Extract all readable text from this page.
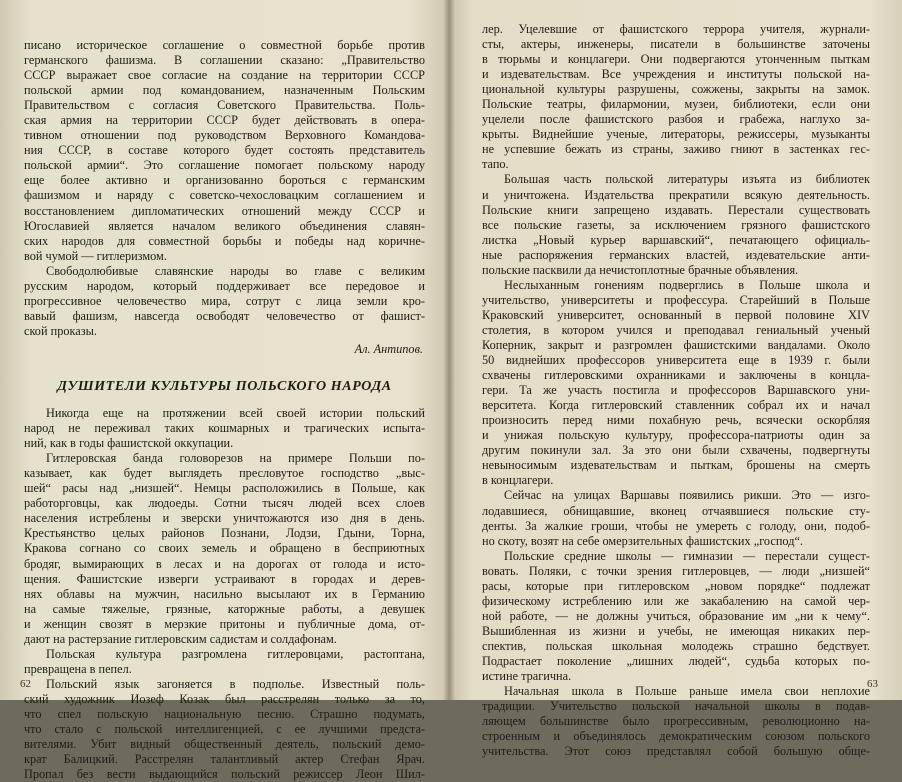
писано историческое соглашение о совместной борьбе против
германского фашизма. В соглашении сказано: „Правительство
СССР выражает свое согласие на создание на территории СССР
польской армии под командованием, назначенным Польским
Правительством с согласия Советского Правительства. Поль-
ская армия на территории СССР будет действовать в опера-
тивном отношении под руководством Верховного Командова-
ния СССР, в составе которого будет состоять представитель
польской армии“. Это соглашение помогает польскому народу
еще более активно и организованно бороться с германским
фашизмом и наряду с советско-чехословацким соглашением и
восстановлением дипломатических отношений между СССР и
Югославией является началом великого объединения славян-
ских народов для совместной борьбы и победы над коричне-
вой чумой — гитлеризмом.
Свободолюбивые славянские народы во главе с великим
русским народом, который поддерживает все передовое и
прогрессивное человечество мира, сотрут с лица земли кро-
вавый фашизм, навсегда освободят человечество от фашист-
ской проказы.
Ал. Антипов.
ДУШИТЕЛИ КУЛЬТУРЫ ПОЛЬСКОГО НАРОДА
Никогда еще на протяжении всей своей истории польский
народ не переживал таких кошмарных и трагических испыта-
ний, как в годы фашистской оккупации.
Гитлеровская банда головорезов на примере Польши по-
казывает, как будет выглядеть пресловутое господство „выс-
шей“ расы над „низшей“. Немцы расположились в Польше, как
работорговцы, как людоеды. Сотни тысяч людей всех слоев
населения истреблены и зверски уничтожаются изо дня в день.
Крестьянство целых районов Познани, Лодзи, Гдыни, Торна,
Кракова согнано со своих земель и обращено в бесприютных
бродяг, вымирающих в лесах и на дорогах от голода и исто-
щения. Фашистские изверги устраивают в городах и дерев-
нях облавы на мужчин, насильно высылают их в Германию
на самые тяжелые, грязные, каторжные работы, а девушек
и женщин свозят в мерзкие притоны и публичные дома, от-
дают на растерзание гитлеровским садистам и солдафонам.
Польская культура разгромлена гитлеровцами, растоптана,
превращена в пепел.
Польский язык загоняется в подполье. Известный поль-
ский художник Иозеф Козак был расстрелян только за то,
что спел польскую национальную песню. Страшно подумать,
что стало с польской интеллигенцией, с ее лучшими предста-
вителями. Убит видный общественный деятель, польский демо-
крат Балицкий. Расстрелян талантливый актер Стефан Ярач.
Пропал без вести выдающийся польский режиссер Леон Шил-
62
лер. Уцелевшие от фашистского террора учителя, журнали-
сты, актеры, инженеры, писатели в большинстве заточены
в тюрьмы и концлагери. Они подвергаются утонченным пыткам
и издевательствам. Все учреждения и институты польской на-
циональной культуры разрушены, сожжены, закрыты на замок.
Польские театры, филармонии, музеи, библиотеки, если они
уцелели после фашистского разбоя и грабежа, наглухо за-
крыты. Виднейшие ученые, литераторы, режиссеры, музыканты
не успевшие бежать из страны, заживо гниют в застенках гес-
тапо.
Большая часть польской литературы изъята из библиотек
и уничтожена. Издательства прекратили всякую деятельность.
Польские книги запрещено издавать. Перестали существовать
все польские газеты, за исключением грязного фашистского
листка „Новый курьер варшавский“, печатающего официаль-
ные распоряжения германских властей, издевательские анти-
польские пасквили да нечистоплотные брачные объявления.
Неслыханным гонениям подверглись в Польше школа и
учительство, университеты и профессура. Старейший в Польше
Краковский университет, основанный в первой половине XIV
столетия, в котором учился и преподавал гениальный ученый
Коперник, закрыт и разгромлен фашистскими вандалами. Около
50 виднейших профессоров университета еще в 1939 г. были
схвачены гитлеровскими охранниками и заключены в концла-
гери. Та же участь постигла и профессоров Варшавского уни-
верситета. Когда гитлеровский ставленник собрал их и начал
произносить перед ними похабную речь, всячески оскорбляя
и унижая польскую культуру, профессора-патриоты один за
другим покинули зал. За это они были схвачены, подвергнуты
невыносимым издевательствам и пыткам, брошены на смерть
в концлагери.
Сейчас на улицах Варшавы появились рикши. Это — изго-
лодавшиеся, обнищавшие, вконец отчаявшиеся польские сту-
денты. За жалкие гроши, чтобы не умереть с голоду, они, подоб-
но скоту, возят на себе омерзительных фашистских „господ“.
Польские средние школы — гимназии — перестали сущест-
вовать. Поляки, с точки зрения гитлеровцев, — люди „низшей“
расы, которые при гитлеровском „новом порядке“ подлежат
физическому истреблению или же закабалению на самой чер-
ной работе, — не должны учиться, образование им „ни к чему“.
Вышибленная из жизни и учебы, не имеющая никаких пер-
спектив, польская школьная молодежь страшно бедствует.
Подрастает поколение „лишних людей“, судьба которых по-
истине трагична.
Начальная школа в Польше раньше имела свои неплохие
традиции. Учительство польской начальной школы в подав-
ляющем большинстве было прогрессивным, революционно на-
строенным и объединялось демократическим союзом польского
учительства. Этот союз представлял собой большую обще-
63
